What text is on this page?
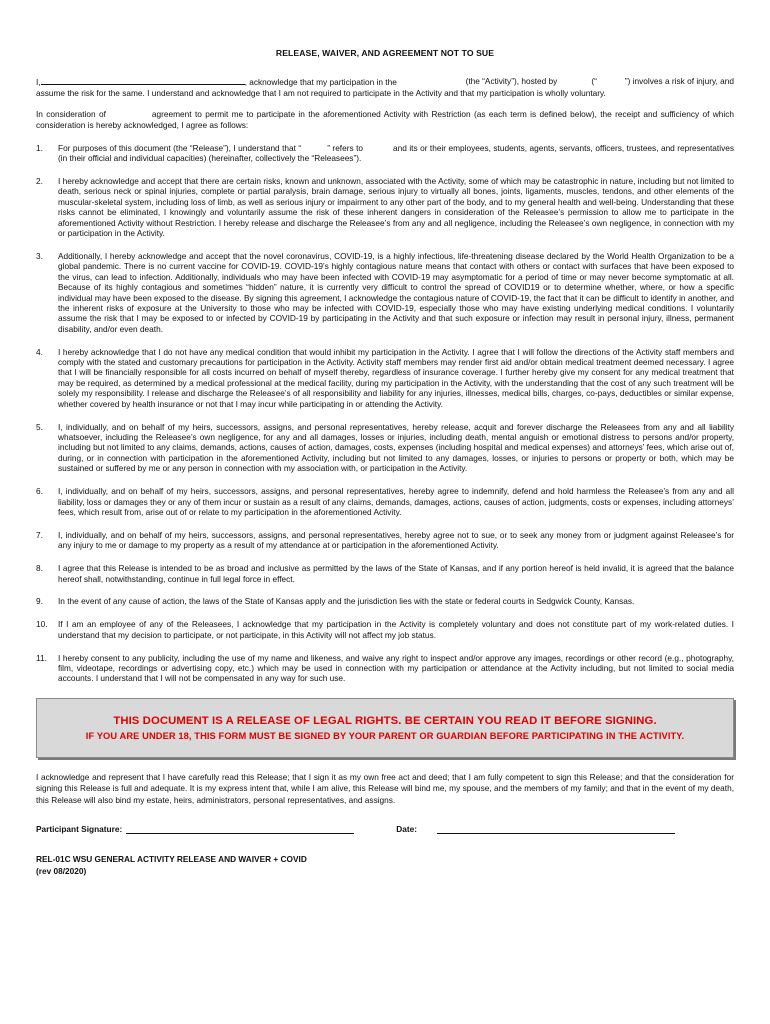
RELEASE, WAIVER, AND AGREEMENT NOT TO SUE
I,	, acknowledge that my participation in the	(the “Activity”), hosted by	(“	”) involves a risk of injury, and
assume the risk for the same. I understand and acknowledge that I am not required to participate in the Activity and that my participation is wholly voluntary.
In consideration of	agreement to permit me to participate in the aforementioned Activity with Restriction (as each term is defined below), the receipt and sufficiency of which consideration is hereby acknowledged, I agree as follows:
1.	For purposes of this document (the “Release”), I understand that “	” refers to	and its or their employees, students, agents, servants, officers, trustees, and representatives (in their official and individual capacities) (hereinafter, collectively the “Releasees”).
2.	I hereby acknowledge and accept that there are certain risks, known and unknown, associated with the Activity, some of which may be catastrophic in nature, including but not limited to death, serious neck or spinal injuries, complete or partial paralysis, brain damage, serious injury to virtually all bones, joints, ligaments, muscles, tendons, and other elements of the muscular-skeletal system, including loss of limb, as well as serious injury or impairment to any other part of the body, and to my general health and well-being. Understanding that these risks cannot be eliminated, I knowingly and voluntarily assume the risk of these inherent dangers in consideration of the Releasee’s permission to allow me to participate in the aforementioned Activity without Restriction. I hereby release and discharge the Releasee’s from any and all negligence, including the Releasee’s own negligence, in connection with my or participation in the Activity.
3.	Additionally, I hereby acknowledge and accept that the novel coronavirus, COVID-19, is a highly infectious, life-threatening disease declared by the World Health Organization to be a global pandemic. There is no current vaccine for COVID-19. COVID-19’s highly contagious nature means that contact with others or contact with surfaces that have been exposed to the virus, can lead to infection. Additionally, individuals who may have been infected with COVID-19 may asymptomatic for a period of time or may never become symptomatic at all. Because of its highly contagious and sometimes “hidden” nature, it is currently very difficult to control the spread of COVID19 or to determine whether, where, or how a specific individual may have been exposed to the disease. By signing this agreement, I acknowledge the contagious nature of COVID-19, the fact that it can be difficult to identify in another, and the inherent risks of exposure at the University to those who may be infected with COVID-19, especially those who may have existing underlying medical conditions. I voluntarily assume the risk that I may be exposed to or infected by COVID-19 by participating in the Activity and that such exposure or infection may result in personal injury, illness, permanent disability, and/or even death.
4.	I hereby acknowledge that I do not have any medical condition that would inhibit my participation in the Activity. I agree that I will follow the directions of the Activity staff members and comply with the stated and customary precautions for participation in the Activity. Activity staff members may render first aid and/or obtain medical treatment deemed necessary. I agree that I will be financially responsible for all costs incurred on behalf of myself thereby, regardless of insurance coverage. I further hereby give my consent for any medical treatment that may be required, as determined by a medical professional at the medical facility, during my participation in the Activity, with the understanding that the cost of any such treatment will be solely my responsibility. I release and discharge the Releasee’s of all responsibility and liability for any injuries, illnesses, medical bills, charges, co-pays, deductibles or similar expense, whether covered by health insurance or not that I may incur while participating in or attending the Activity.
5.	I, individually, and on behalf of my heirs, successors, assigns, and personal representatives, hereby release, acquit and forever discharge the Releasees from any and all liability whatsoever, including the Releasee’s own negligence, for any and all damages, losses or injuries, including death, mental anguish or emotional distress to persons and/or property, including but not limited to any claims, demands, actions, causes of action, damages, costs, expenses (including hospital and medical expenses) and attorneys’ fees, which arise out of, during, or in connection with participation in the aforementioned Activity, including but not limited to any damages, losses, or injuries to persons or property or both, which may be sustained or suffered by me or any person in connection with my association with, or participation in the Activity.
6.	I, individually, and on behalf of my heirs, successors, assigns, and personal representatives, hereby agree to indemnify, defend and hold harmless the Releasee’s from any and all liability, loss or damages they or any of them incur or sustain as a result of any claims, demands, damages, actions, causes of action, judgments, costs or expenses, including attorneys’ fees, which result from, arise out of or relate to my participation in the aforementioned Activity.
7.	I, individually, and on behalf of my heirs, successors, assigns, and personal representatives, hereby agree not to sue, or to seek any money from or judgment against Releasee’s for any injury to me or damage to my property as a result of my attendance at or participation in the aforementioned Activity.
8.	I agree that this Release is intended to be as broad and inclusive as permitted by the laws of the State of Kansas, and if any portion hereof is held invalid, it is agreed that the balance hereof shall, notwithstanding, continue in full legal force in effect.
9.	In the event of any cause of action, the laws of the State of Kansas apply and the jurisdiction lies with the state or federal courts in Sedgwick County, Kansas.
10.	If I am an employee of any of the Releasees, I acknowledge that my participation in the Activity is completely voluntary and does not constitute part of my work-related duties. I understand that my decision to participate, or not participate, in this Activity will not affect my job status.
11.	I hereby consent to any publicity, including the use of my name and likeness, and waive any right to inspect and/or approve any images, recordings or other record (e.g., photography, film, videotape, recordings or advertising copy, etc.) which may be used in connection with my participation or attendance at the Activity including, but not limited to social media accounts. I understand that I will not be compensated in any way for such use.
THIS DOCUMENT IS A RELEASE OF LEGAL RIGHTS. BE CERTAIN YOU READ IT BEFORE SIGNING.
IF YOU ARE UNDER 18, THIS FORM MUST BE SIGNED BY YOUR PARENT OR GUARDIAN BEFORE PARTICIPATING IN THE ACTIVITY.
I acknowledge and represent that I have carefully read this Release; that I sign it as my own free act and deed; that I am fully competent to sign this Release; and that the consideration for signing this Release is full and adequate. It is my express intent that, while I am alive, this Release will bind me, my spouse, and the members of my family; and that in the event of my death, this Release will also bind my estate, heirs, administrators, personal representatives, and assigns.
Participant Signature:	Date:
REL-01C WSU GENERAL ACTIVITY RELEASE AND WAIVER + COVID
(rev 08/2020)
